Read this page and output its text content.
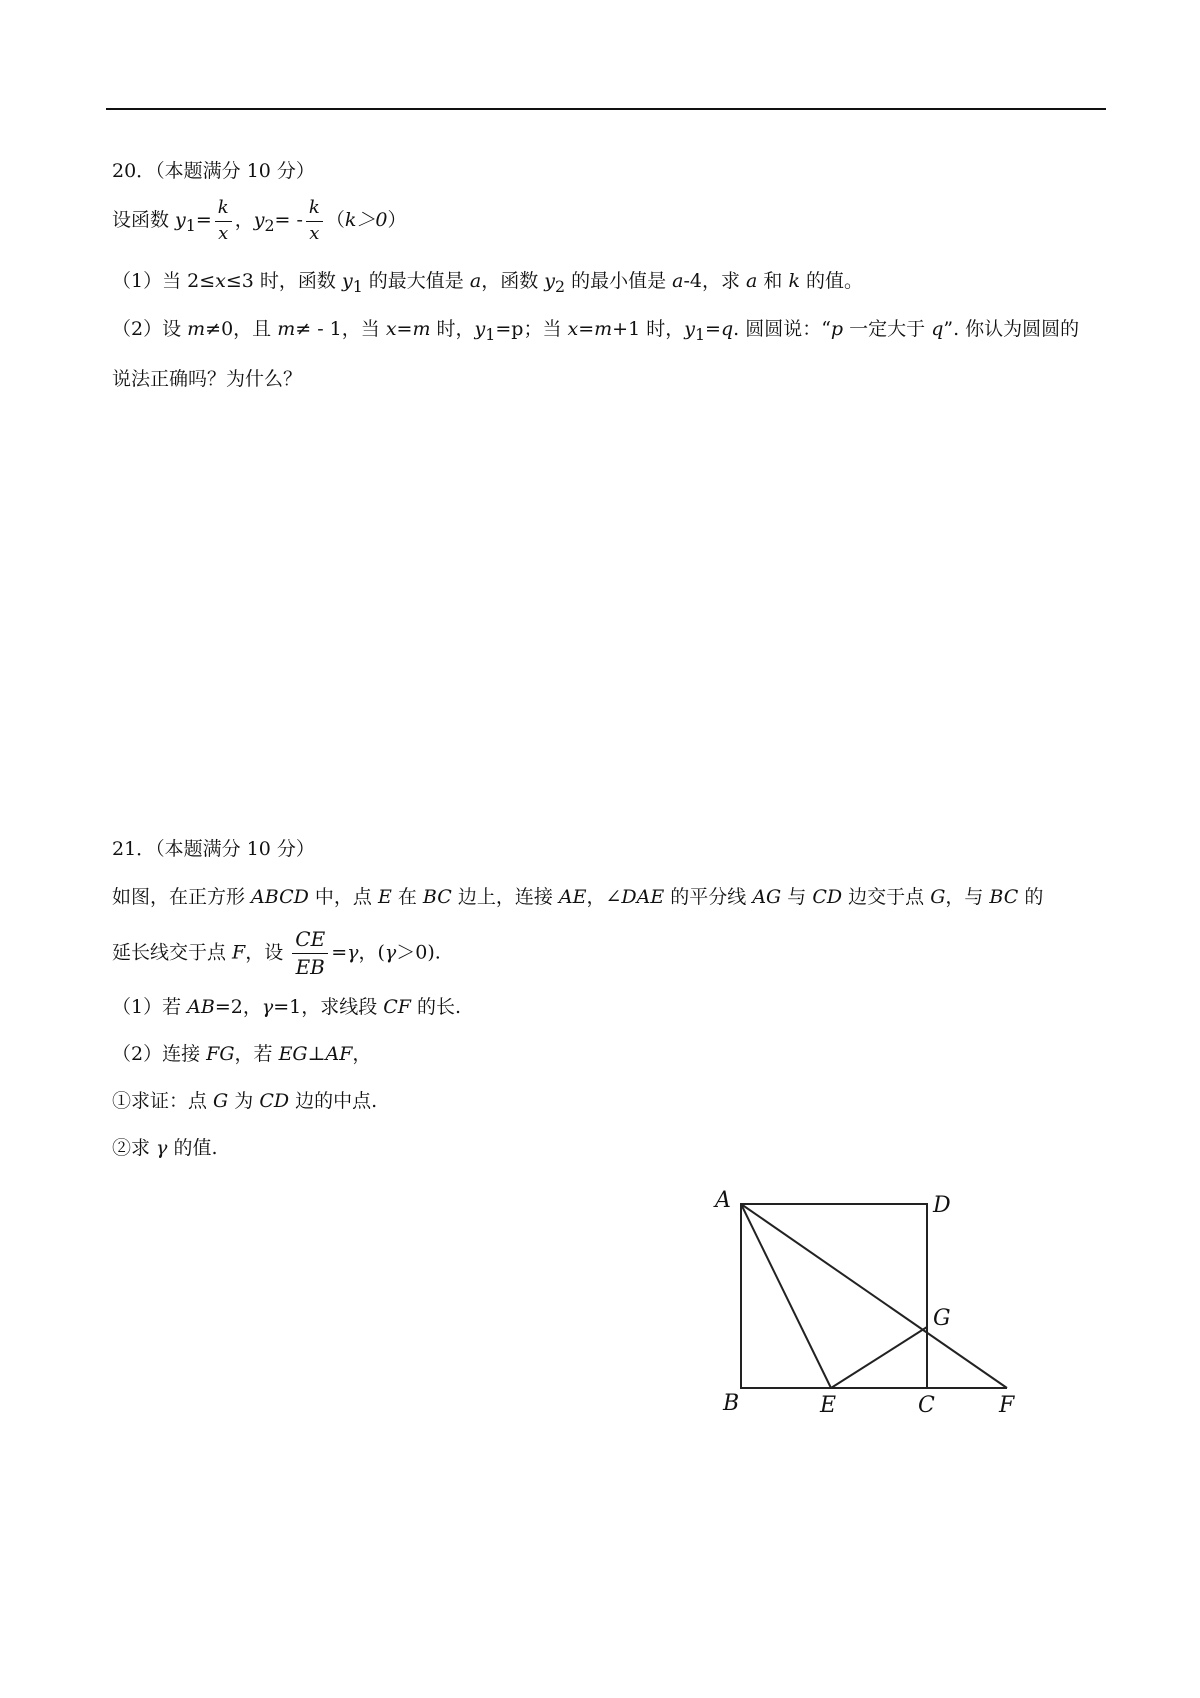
20．（本题满分 10 分）
设函数 $y_1= \frac{k}{x}$ ，$y_2= - \frac{k}{x} (k>0)$
（1）当 2≤x≤3 时，函数 $y_1$ 的最大值是 a，函数 $y_2$ 的最小值是 a-4，求 a 和 k 的值。
（2）设 m≠0，且 m≠ - 1，当 x=m 时，$y_1=p$；当 x=m+1 时，$y_1=q$. 圆圆说：“p 一定大于 q”. 你认为圆圆的
说法正确吗？为什么？
21．（本题满分 10 分）
如图，在正方形 ABCD 中，点 E 在 BC 边上，连接 AE，∠DAE 的平分线 AG 与 CD 边交于点 G，与 BC 的
延长线交于点 F，设 $\frac{CE}{EB} =\gamma$，(γ＞0).
（1）若 AB=2，γ=1，求线段 CF 的长.
（2）连接 FG，若 EG⊥AF，
①求证：点 G 为 CD 边的中点.
②求 γ 的值.
A	D
G
B	E	C	F
